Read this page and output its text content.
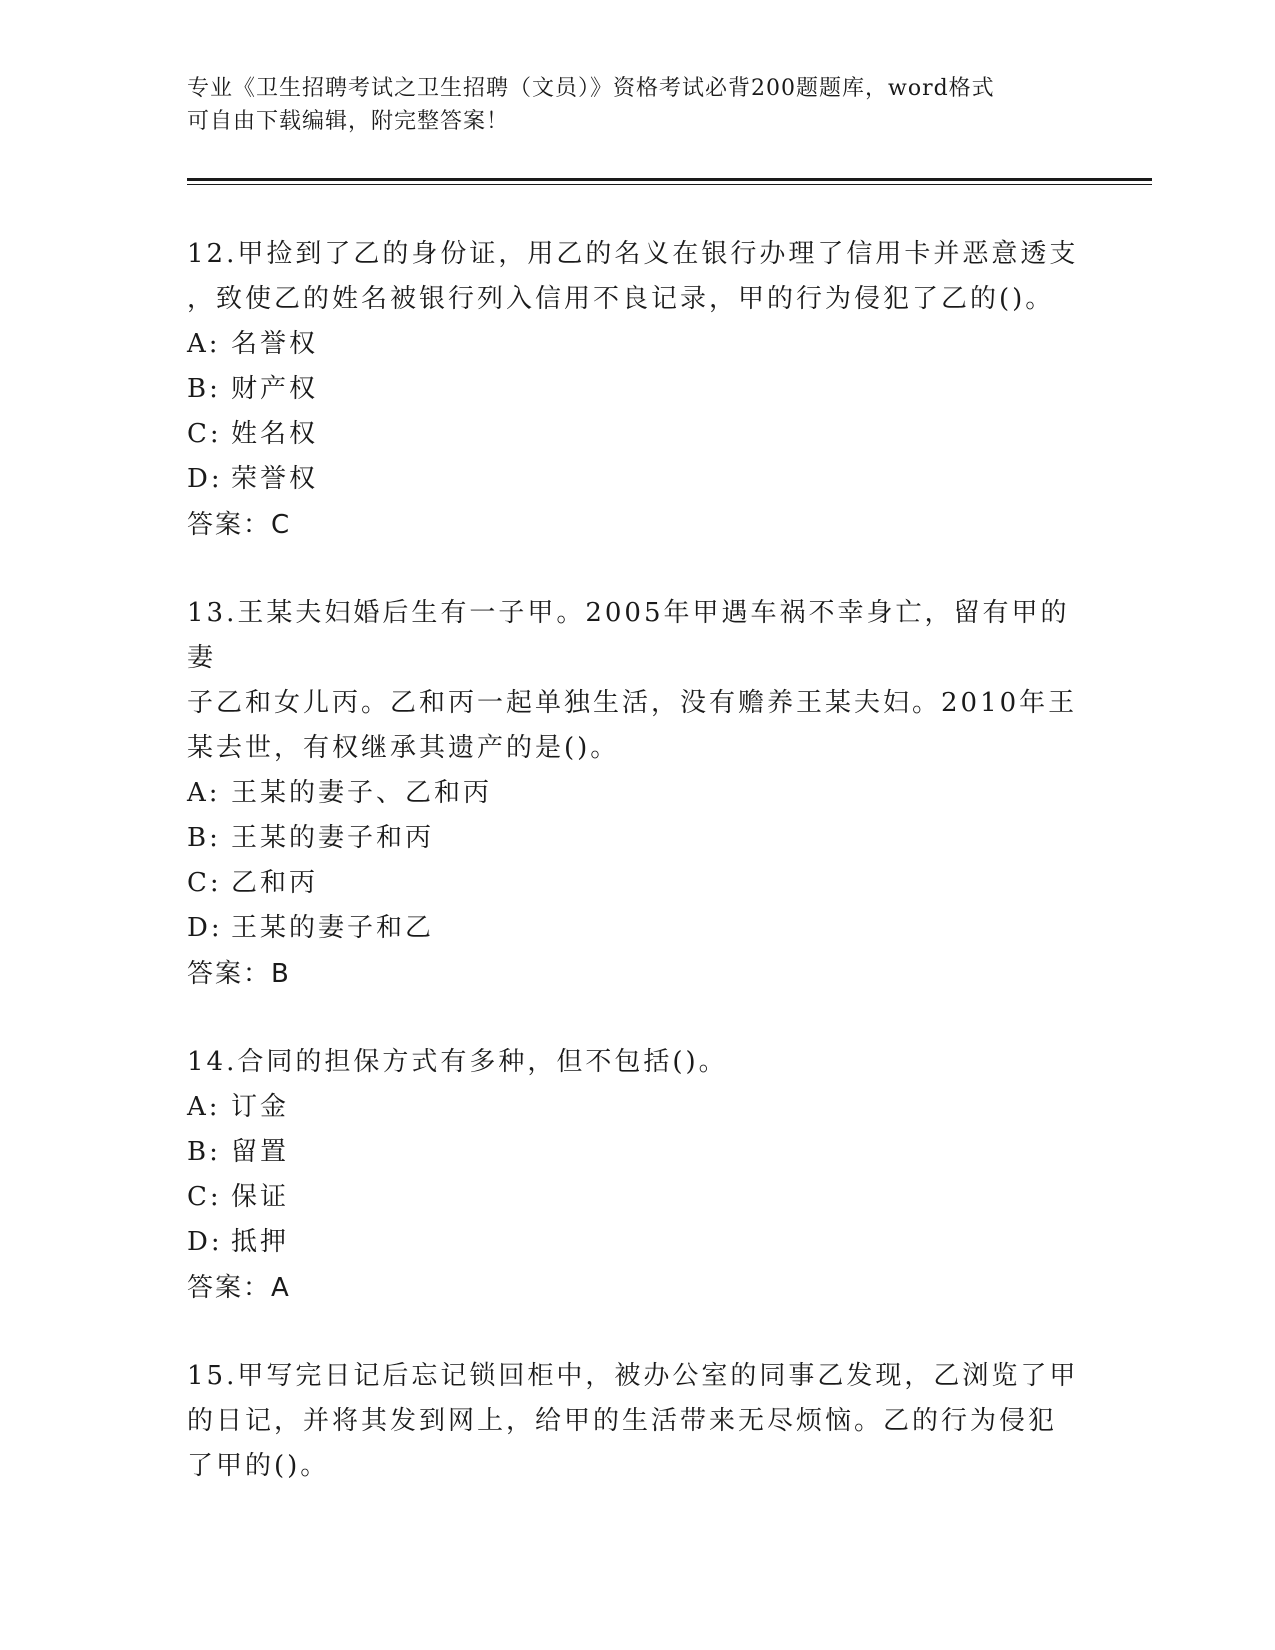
专业《卫生招聘考试之卫生招聘（文员）》资格考试必背200题题库，word格式
可自由下载编辑，附完整答案！
12.甲捡到了乙的身份证，用乙的名义在银行办理了信用卡并恶意透支
，致使乙的姓名被银行列入信用不良记录，甲的行为侵犯了乙的()。
A: 名誉权
B: 财产权
C: 姓名权
D: 荣誉权
答案：C
13.王某夫妇婚后生有一子甲。2005年甲遇车祸不幸身亡，留有甲的妻
子乙和女儿丙。乙和丙一起单独生活，没有赡养王某夫妇。2010年王
某去世，有权继承其遗产的是()。
A: 王某的妻子、乙和丙
B: 王某的妻子和丙
C: 乙和丙
D: 王某的妻子和乙
答案：B
14.合同的担保方式有多种，但不包括()。
A: 订金
B: 留置
C: 保证
D: 抵押
答案：A
15.甲写完日记后忘记锁回柜中，被办公室的同事乙发现，乙浏览了甲
的日记，并将其发到网上，给甲的生活带来无尽烦恼。乙的行为侵犯
了甲的()。
